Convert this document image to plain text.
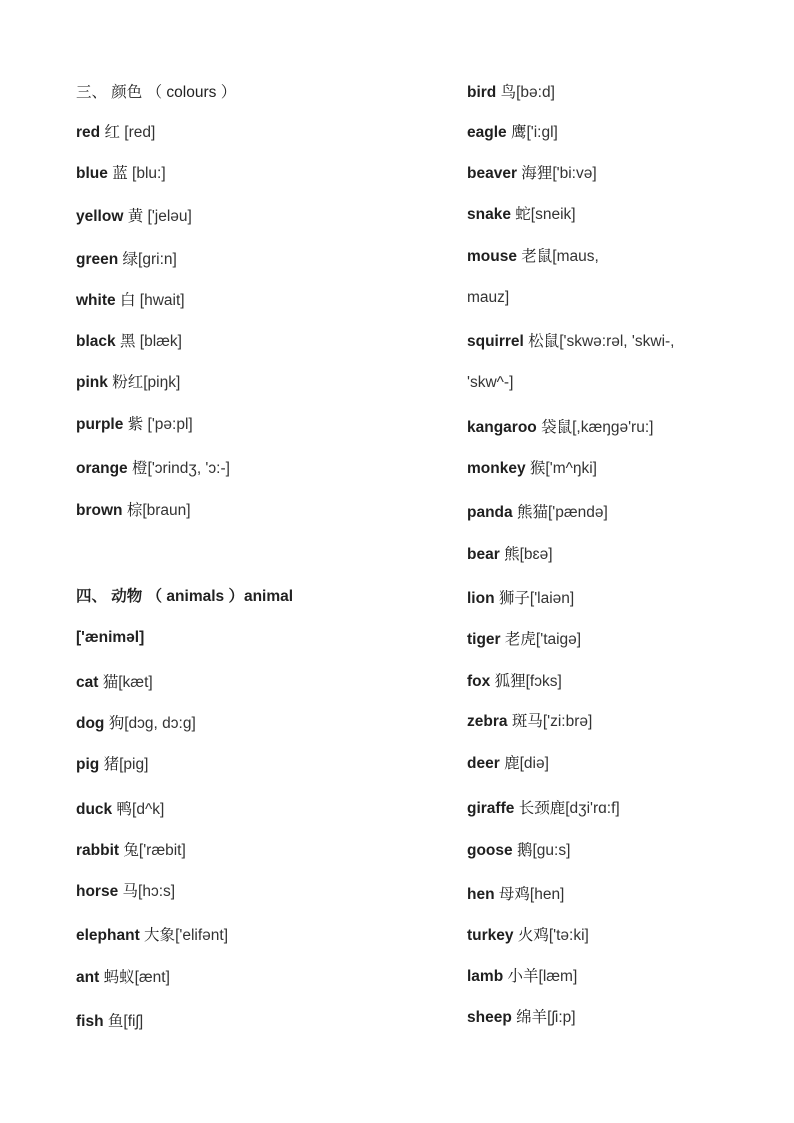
三、 颜色 （ colours ）
red 红 [red]
blue 蓝 [blu:]
yellow 黄 ['jeləu]
green 绿[gri:n]
white 白 [hwait]
black 黑 [blæk]
pink 粉红[piŋk]
purple 紫 ['pə:pl]
orange 橙['ɔrindʒ, 'ɔ:-]
brown 棕[braun]
四、 动物 （ animals ）animal
['æniməl]
cat 猫[kæt]
dog 狗[dɔg, dɔ:g]
pig 猪[pig]
duck 鸭[d^k]
rabbit 兔['ræbit]
horse 马[hɔ:s]
elephant 大象['elifənt]
ant 蚂蚁[ænt]
fish 鱼[fiʃ]
bird 鸟[bə:d]
eagle 鹰['i:gl]
beaver 海狸['bi:və]
snake 蛇[sneik]
mouse 老鼠[maus,
mauz]
squirrel 松鼠['skwə:rəl, 'skwi-,
'skw^-]
kangaroo 袋鼠[,kæŋgə'ru:]
monkey 猴['m^ŋki]
panda 熊猫['pændə]
bear 熊[bɛə]
lion 狮子['laiən]
tiger 老虎['taigə]
fox 狐狸[fɔks]
zebra 斑马['zi:brə]
deer 鹿[diə]
giraffe 长颈鹿[dʒi'rɑ:f]
goose 鹅[gu:s]
hen 母鸡[hen]
turkey 火鸡['tə:ki]
lamb 小羊[læm]
sheep 绵羊[ʃi:p]
